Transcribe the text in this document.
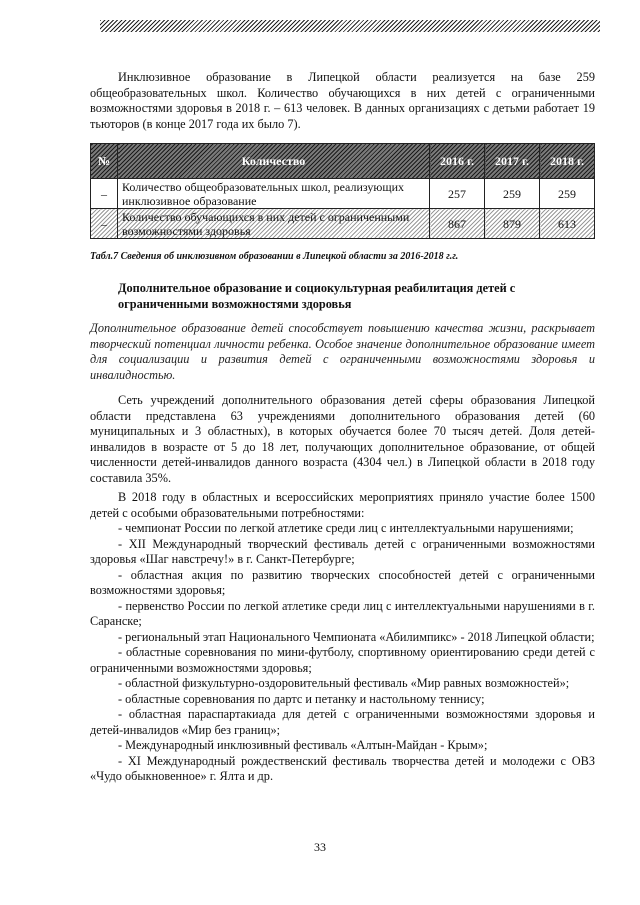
Инклюзивное образование в Липецкой области реализуется на базе 259 общеобразовательных школ. Количество обучающихся в них детей с ограниченными возможностями здоровья в 2018 г. – 613 человек. В данных организациях с детьми работает 19 тьюторов (в конце 2017 года их было 7).
№	Количество	2016 г.	2017 г.	2018 г.
–	Количество общеобразовательных школ, реализующих инклюзивное образование	257	259	259
–	Количество обучающихся в них детей с ограниченными возможностями здоровья	867	879	613
Табл.7 Сведения об инклюзивном образовании в Липецкой области за 2016-2018 г.г.
Дополнительное образование и социокультурная реабилитация детей с ограниченными возможностями здоровья
Дополнительное образование детей способствует повышению качества жизни, раскрывает творческий потенциал личности ребенка. Особое значение дополнительное образование имеет для социализации и развития детей с ограниченными возможностями здоровья и инвалидностью.
Сеть учреждений дополнительного образования детей сферы образования Липецкой области представлена 63 учреждениями дополнительного образования детей (60 муниципальных и 3 областных), в которых обучается более 70 тысяч детей. Доля детей-инвалидов в возрасте от 5 до 18 лет, получающих дополнительное образование, от общей численности детей-инвалидов данного возраста (4304 чел.) в Липецкой области в 2018 году составила 35%.

В 2018 году в областных и всероссийских мероприятиях приняло участие более 1500 детей с особыми образовательными потребностями:

- чемпионат России по легкой атлетике среди лиц с интеллектуальными нарушениями;

- XII Международный творческий фестиваль детей с ограниченными возможностями здоровья «Шаг навстречу!» в г. Санкт-Петербурге;

- областная акция по развитию творческих способностей детей с ограниченными возможностями здоровья;

- первенство России по легкой атлетике среди лиц с интеллектуальными нарушениями в г. Саранске;

- региональный этап Национального Чемпионата «Абилимпикс» - 2018 Липецкой области;

- областные соревнования по мини-футболу, спортивному ориентированию среди детей с ограниченными возможностями здоровья;

- областной физкультурно-оздоровительный фестиваль «Мир равных возможностей»;

- областные соревнования по дартс и петанку и настольному теннису;

- областная параспартакиада для детей с ограниченными возможностями здоровья и детей-инвалидов «Мир без границ»;

- Международный инклюзивный фестиваль «Алтын-Майдан - Крым»;

- XI Международный рождественский фестиваль творчества детей и молодежи с ОВЗ «Чудо обыкновенное» г. Ялта и др.

33
